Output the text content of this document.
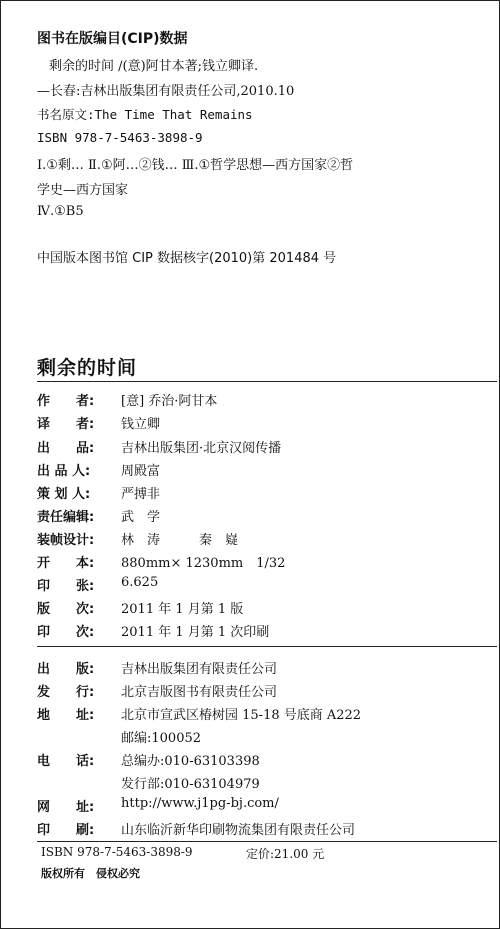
图书在版编目(CIP)数据
剩余的时间 /(意)阿甘本著;钱立卿译.
—长春:吉林出版集团有限责任公司,2010.10
书名原文:The Time That Remains
ISBN 978-7-5463-3898-9
Ⅰ.①剩… Ⅱ.①阿…②钱… Ⅲ.①哲学思想—西方国家②哲
学史—西方国家
Ⅳ.①B5
中国版本图书馆 CIP 数据核字(2010)第 201484 号
剩余的时间
作　　者: [意] 乔治·阿甘本
译　　者: 钱立卿
出　　品: 吉林出版集团·北京汉阅传播
出 品 人: 周殿富
策 划 人: 严搏非
责任编辑: 武　学
装帧设计: 林　涛　　　秦　嶷
开　　本: 880mm× 1230mm　1/32
印　　张: 6.625
版　　次: 2011 年 1 月第 1 版
印　　次: 2011 年 1 月第 1 次印刷
出　　版: 吉林出版集团有限责任公司
发　　行: 北京吉版图书有限责任公司
地　　址: 北京市宣武区椿树园 15-18 号底商 A222
邮编:100052
电　　话: 总编办:010-63103398
发行部:010-63104979
网　　址: http://www.j1pg-bj.com/
印　　刷: 山东临沂新华印刷物流集团有限责任公司
ISBN 978-7-5463-3898-9	定价:21.00 元
版权所有　侵权必究
